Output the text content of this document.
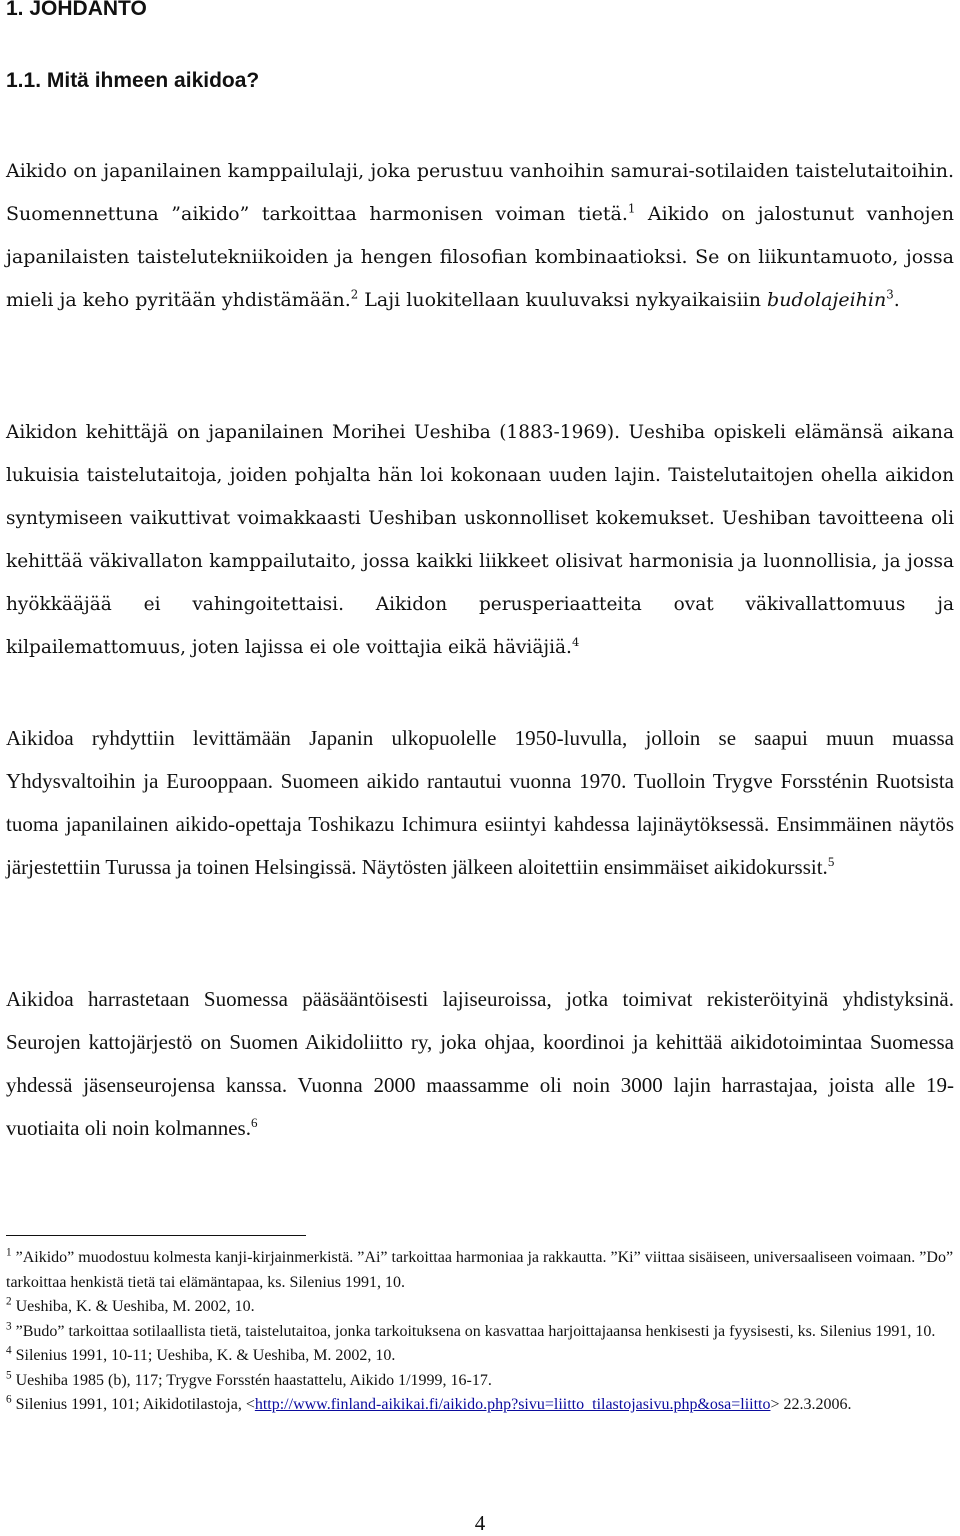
1. JOHDANTO
1.1. Mitä ihmeen aikidoa?

Aikido on japanilainen kamppailulaji, joka perustuu vanhoihin samurai-sotilaiden taistelutaitoihin. Suomennettuna ”aikido” tarkoittaa harmonisen voiman tietä.$^1$ Aikido on jalostunut vanhojen japanilaisten taistelutekniikoiden ja hengen filosofian kombinaatioksi. Se on liikuntamuoto, jossa mieli ja keho pyritään yhdistämään.$^2$ Laji luokitellaan kuuluvaksi nykyaikaisiin budolajeihin$^3$.

Aikidon kehittäjä on japanilainen Morihei Ueshiba (1883-1969). Ueshiba opiskeli elämänsä aikana lukuisia taistelutaitoja, joiden pohjalta hän loi kokonaan uuden lajin. Taistelutaitojen ohella aikidon syntymiseen vaikuttivat voimakkaasti Ueshiban uskonnolliset kokemukset. Ueshiban tavoitteena oli kehittää väkivallaton kamppailutaito, jossa kaikki liikkeet olisivat harmonisia ja luonnollisia, ja jossa hyökkääjää ei vahingoitettaisi. Aikidon perusperiaatteita ovat väkivallattomuus ja kilpailemattomuus, joten lajissa ei ole voittajia eikä häviäjiä.$^4$

Aikidoa ryhdyttiin levittämään Japanin ulkopuolelle 1950-luvulla, jolloin se saapui muun muassa Yhdysvaltoihin ja Eurooppaan. Suomeen aikido rantautui vuonna 1970. Tuolloin Trygve Forssténin Ruotsista tuoma japanilainen aikido-opettaja Toshikazu Ichimura esiintyi kahdessa lajinäytöksessä. Ensimmäinen näytös järjestettiin Turussa ja toinen Helsingissä. Näytösten jälkeen aloitettiin ensimmäiset aikidokurssit.$^5$

Aikidoa harrastetaan Suomessa pääsääntöisesti lajiseuroissa, jotka toimivat rekisteröityinä yhdistyksinä. Seurojen kattojärjestö on Suomen Aikidoliitto ry, joka ohjaa, koordinoi ja kehittää aikidotoimintaa Suomessa yhdessä jäsenseurojensa kanssa. Vuonna 2000 maassamme oli noin 3000 lajin harrastajaa, joista alle 19-vuotiaita oli noin kolmannes.$^6$

$^1$ ”Aikido” muodostuu kolmesta kanji-kirjainmerkistä. ”Ai” tarkoittaa harmoniaa ja rakkautta. ”Ki” viittaa sisäiseen, universaaliseen voimaan. ”Do” tarkoittaa henkistä tietä tai elämäntapaa, ks. Silenius 1991, 10.

$^2$ Ueshiba, K. & Ueshiba, M. 2002, 10.

$^3$ ”Budo” tarkoittaa sotilaallista tietä, taistelutaitoa, jonka tarkoituksena on kasvattaa harjoittajaansa henkisesti ja fyysisesti, ks. Silenius 1991, 10.

$^4$ Silenius 1991, 10-11; Ueshiba, K. & Ueshiba, M. 2002, 10.

$^5$ Ueshiba 1985 (b), 117; Trygve Forsstén haastattelu, Aikido 1/1999, 16-17.

$^6$ Silenius 1991, 101; Aikidotilastoja, <http://www.finland-aikikai.fi/aikido.php?sivu=liitto_tilastojasivu.php&osa=liitto> 22.3.2006.

4
